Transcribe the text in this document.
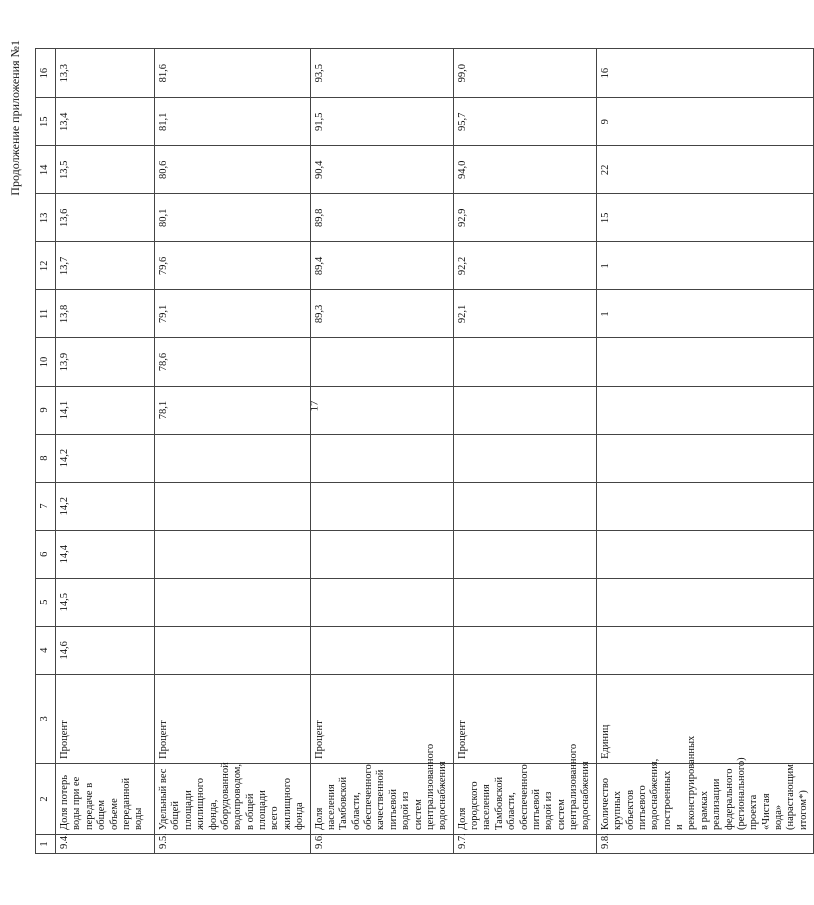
17
Продолжение приложения №1
1	2	3	4	5	6	7	8	9	10	11	12	13	14	15	16
9.4.	Доля потерь воды при ее передаче в общем объеме переданной воды	Процент	14,6	14,5	14,4	14,2	14,2	14,1	13,9	13,8	13,7	13,6	13,5	13,4	13,3
9.5.	Удельный вес общей площади жилищного фонда, оборудованной водопроводом, в общей площади всего жилищного фонда	Процент						78,1	78,6	79,1	79,6	80,1	80,6	81,1	81,6
9.6.	Доля населения Тамбовской области, обеспеченного качественной питьевой водой из систем централизованного водоснабжения	Процент								89,3	89,4	89,8	90,4	91,5	93,5
9.7.	Доля городского населения Тамбовской области, обеспеченного питьевой водой из систем централизованного водоснабжения	Процент								92,1	92,2	92,9	94,0	95,7	99,0
9.8.	Количество крупных объектов питьевого водоснабжения, построенных и реконструированных в рамках реализации федерального (регионального) проекта «Чистая вода» (нарастающим итогом*)	Единиц								1	1	15	22	9	16
